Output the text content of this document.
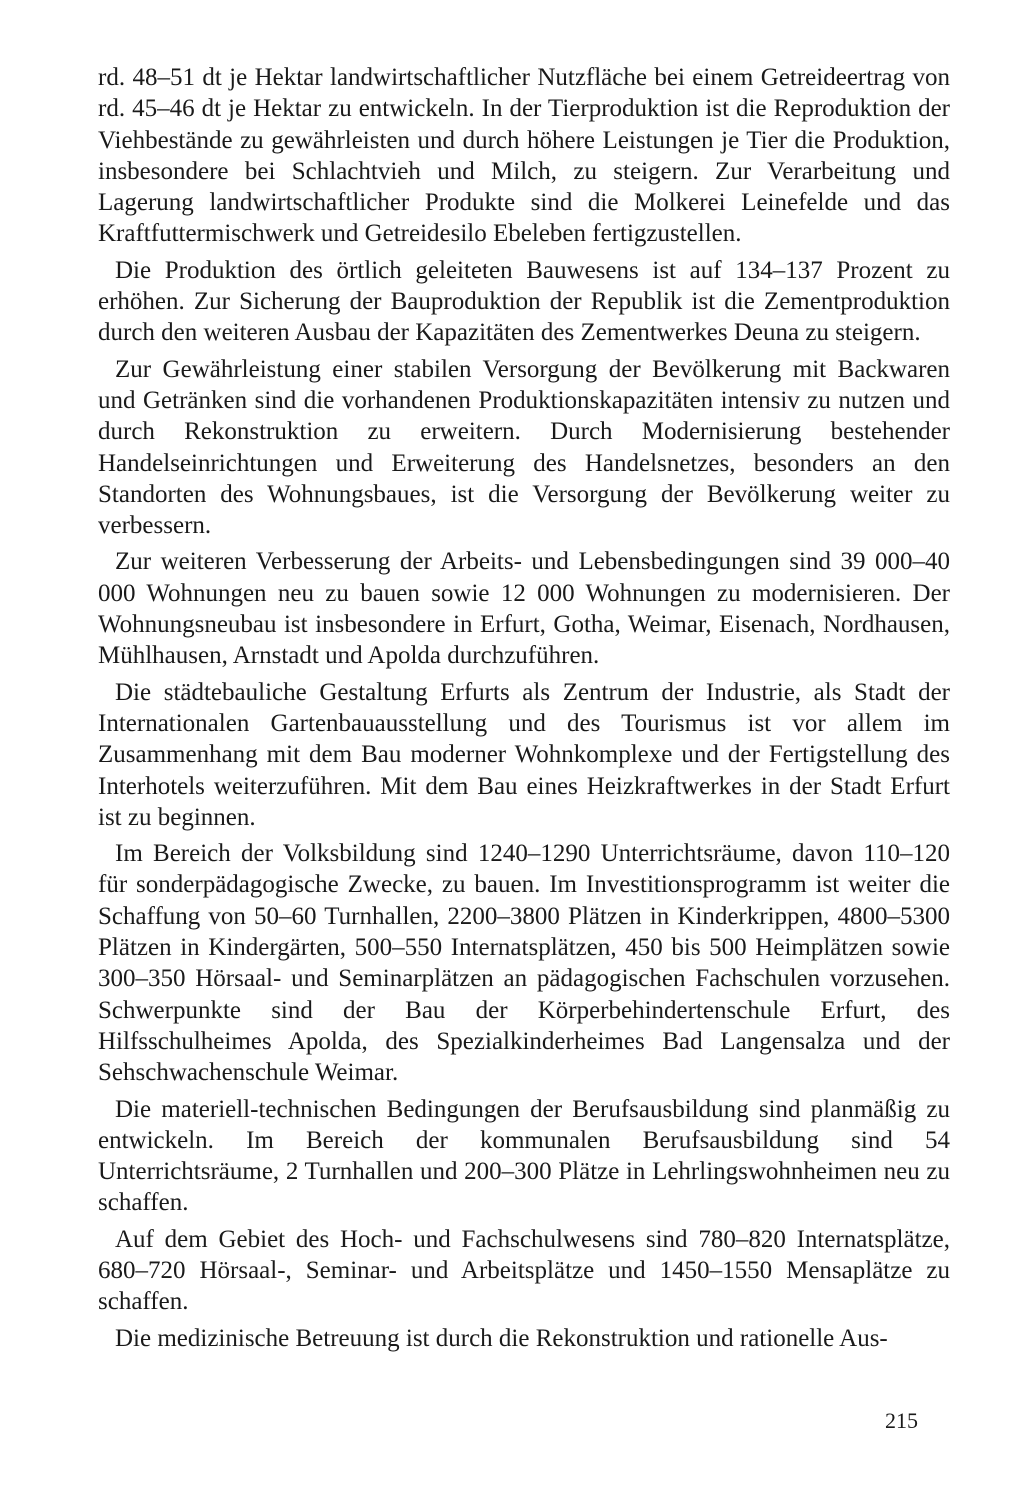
rd. 48–51 dt je Hektar landwirtschaftlicher Nutzfläche bei einem Getreideertrag von rd. 45–46 dt je Hektar zu entwickeln. In der Tierproduktion ist die Reproduktion der Viehbestände zu gewährleisten und durch höhere Leistungen je Tier die Produktion, insbesondere bei Schlachtvieh und Milch, zu steigern. Zur Verarbeitung und Lagerung landwirtschaftlicher Produkte sind die Molkerei Leinefelde und das Kraftfuttermischwerk und Getreidesilo Ebeleben fertigzustellen.

Die Produktion des örtlich geleiteten Bauwesens ist auf 134–137 Prozent zu erhöhen. Zur Sicherung der Bauproduktion der Republik ist die Zementproduktion durch den weiteren Ausbau der Kapazitäten des Zementwerkes Deuna zu steigern.

Zur Gewährleistung einer stabilen Versorgung der Bevölkerung mit Backwaren und Getränken sind die vorhandenen Produktionskapazitäten intensiv zu nutzen und durch Rekonstruktion zu erweitern. Durch Modernisierung bestehender Handelseinrichtungen und Erweiterung des Handelsnetzes, besonders an den Standorten des Wohnungsbaues, ist die Versorgung der Bevölkerung weiter zu verbessern.

Zur weiteren Verbesserung der Arbeits- und Lebensbedingungen sind 39 000–40 000 Wohnungen neu zu bauen sowie 12 000 Wohnungen zu modernisieren. Der Wohnungsneubau ist insbesondere in Erfurt, Gotha, Weimar, Eisenach, Nordhausen, Mühlhausen, Arnstadt und Apolda durchzuführen.

Die städtebauliche Gestaltung Erfurts als Zentrum der Industrie, als Stadt der Internationalen Gartenbauausstellung und des Tourismus ist vor allem im Zusammenhang mit dem Bau moderner Wohnkomplexe und der Fertigstellung des Interhotels weiterzuführen. Mit dem Bau eines Heizkraftwerkes in der Stadt Erfurt ist zu beginnen.

Im Bereich der Volksbildung sind 1240–1290 Unterrichtsräume, davon 110–120 für sonderpädagogische Zwecke, zu bauen. Im Investitionsprogramm ist weiter die Schaffung von 50–60 Turnhallen, 2200–3800 Plätzen in Kinderkrippen, 4800–5300 Plätzen in Kindergärten, 500–550 Internatsplätzen, 450 bis 500 Heimplätzen sowie 300–350 Hörsaal- und Seminarplätzen an pädagogischen Fachschulen vorzusehen. Schwerpunkte sind der Bau der Körperbehindertenschule Erfurt, des Hilfsschulheimes Apolda, des Spezialkinderheimes Bad Langensalza und der Sehschwachenschule Weimar.

Die materiell-technischen Bedingungen der Berufsausbildung sind planmäßig zu entwickeln. Im Bereich der kommunalen Berufsausbildung sind 54 Unterrichtsräume, 2 Turnhallen und 200–300 Plätze in Lehrlingswohnheimen neu zu schaffen.

Auf dem Gebiet des Hoch- und Fachschulwesens sind 780–820 Internatsplätze, 680–720 Hörsaal-, Seminar- und Arbeitsplätze und 1450–1550 Mensaplätze zu schaffen.

Die medizinische Betreuung ist durch die Rekonstruktion und rationelle Aus-

215
